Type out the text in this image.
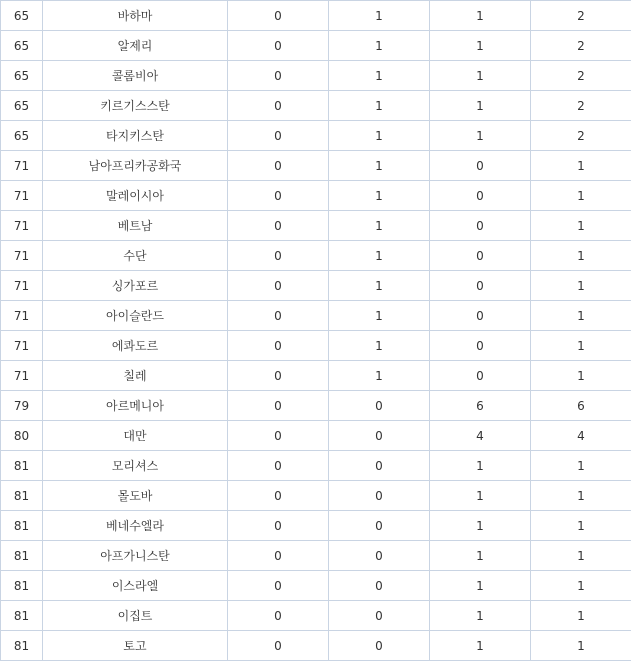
65	바하마	0	1	1	2
65	알제리	0	1	1	2
65	콜롬비아	0	1	1	2
65	키르기스스탄	0	1	1	2
65	타지키스탄	0	1	1	2
71	남아프리카공화국	0	1	0	1
71	말레이시아	0	1	0	1
71	베트남	0	1	0	1
71	수단	0	1	0	1
71	싱가포르	0	1	0	1
71	아이슬란드	0	1	0	1
71	에콰도르	0	1	0	1
71	칠레	0	1	0	1
79	아르메니아	0	0	6	6
80	대만	0	0	4	4
81	모리셔스	0	0	1	1
81	몰도바	0	0	1	1
81	베네수엘라	0	0	1	1
81	아프가니스탄	0	0	1	1
81	이스라엘	0	0	1	1
81	이집트	0	0	1	1
81	토고	0	0	1	1
